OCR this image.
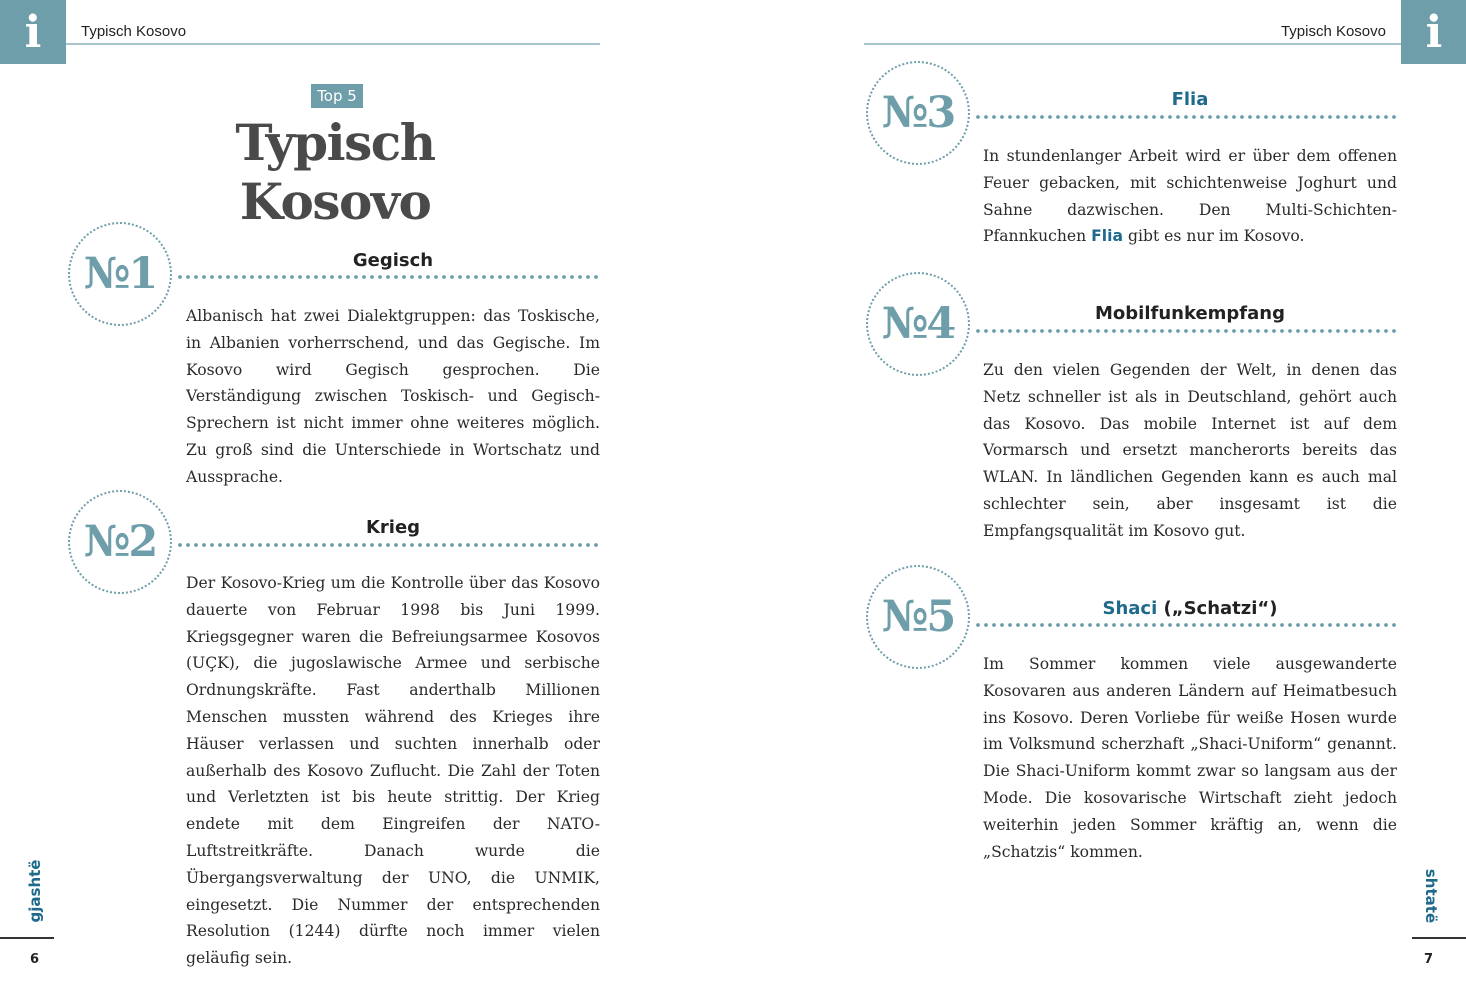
i	Typisch Kosovo
Top 5
Typisch Kosovo
№1	Gegisch
Albanisch hat zwei Dialektgruppen: das Toskische, in Albanien vorherrschend, und das Gegische. Im Kosovo wird Gegisch gesprochen. Die Verständigung zwischen Toskisch- und Gegisch-Sprechern ist nicht immer ohne weiteres möglich. Zu groß sind die Unterschiede in Wortschatz und Aussprache.
№2	Krieg
Der Kosovo-Krieg um die Kontrolle über das Kosovo dauerte von Februar 1998 bis Juni 1999. Kriegsgegner waren die Befreiungsarmee Kosovos (UÇK), die jugoslawische Armee und serbische Ordnungskräfte. Fast anderthalb Millionen Menschen mussten während des Krieges ihre Häuser verlassen und suchten innerhalb oder außerhalb des Kosovo Zuflucht. Die Zahl der Toten und Verletzten ist bis heute strittig. Der Krieg endete mit dem Eingreifen der NATO-Luftstreitkräfte. Danach wurde die Übergangsverwaltung der UNO, die UNMIK, eingesetzt. Die Nummer der entsprechenden Resolution (1244) dürfte noch immer vielen geläufig sein.
gjashtë
6
i
Typisch Kosovo
№3	Flia
In stundenlanger Arbeit wird er über dem offenen Feuer gebacken, mit schichtenweise Joghurt und Sahne dazwischen. Den Multi-Schichten-Pfannkuchen Flia gibt es nur im Kosovo.
№4	Mobilfunkempfang
Zu den vielen Gegenden der Welt, in denen das Netz schneller ist als in Deutschland, gehört auch das Kosovo. Das mobile Internet ist auf dem Vormarsch und ersetzt mancherorts bereits das WLAN. In ländlichen Gegenden kann es auch mal schlechter sein, aber insgesamt ist die Empfangsqualität im Kosovo gut.
№5	Shaci („Schatzi“)
Im Sommer kommen viele ausgewanderte Kosovaren aus anderen Ländern auf Heimatbesuch ins Kosovo. Deren Vorliebe für weiße Hosen wurde im Volksmund scherzhaft „Shaci-Uniform“ genannt. Die Shaci-Uniform kommt zwar so langsam aus der Mode. Die kosovarische Wirtschaft zieht jedoch weiterhin jeden Sommer kräftig an, wenn die „Schatzis“ kommen.
shtatë
7
